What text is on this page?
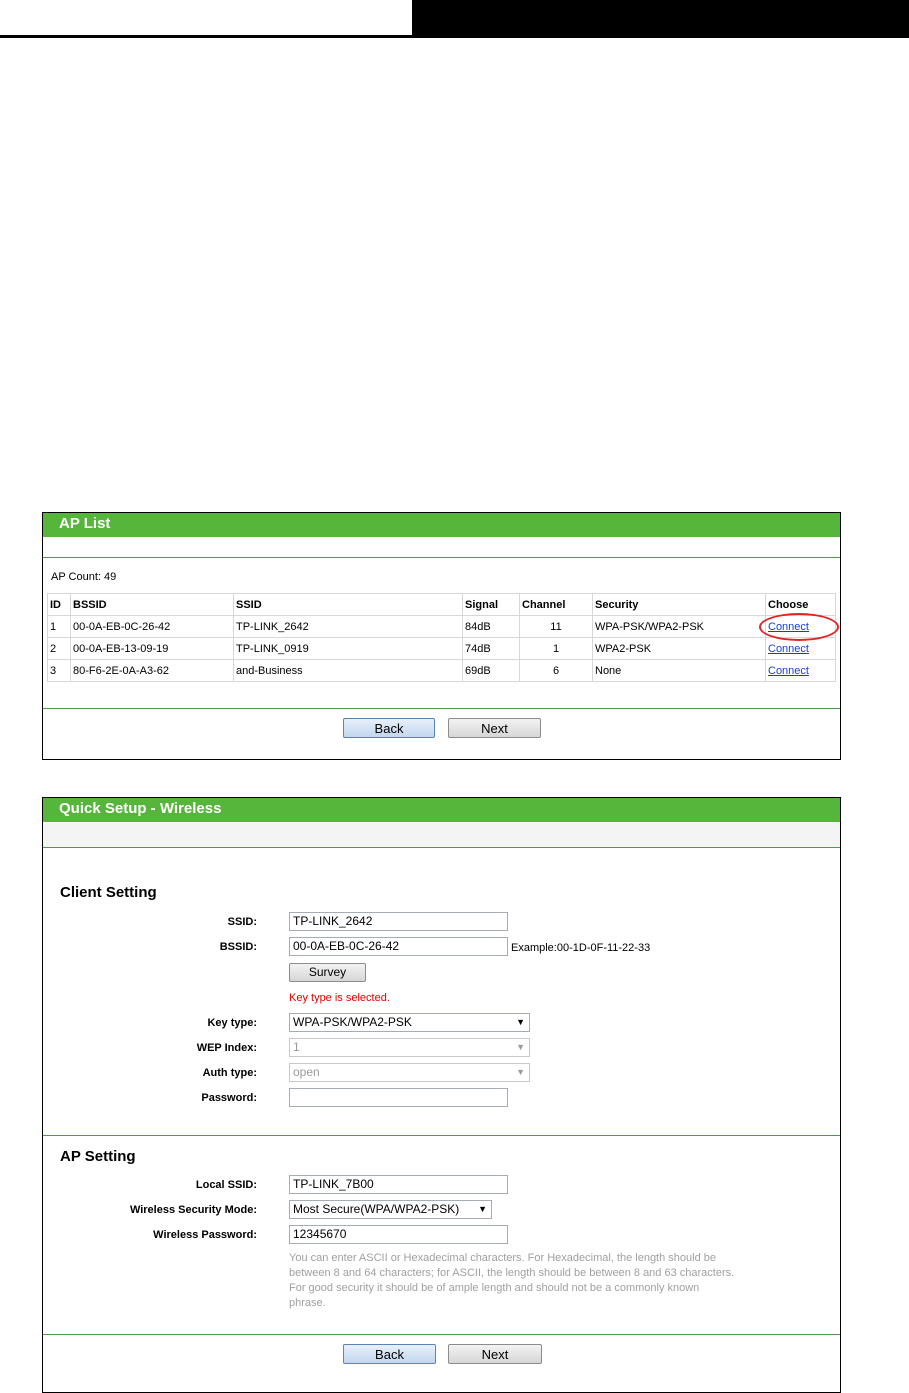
AP List
AP Count: 49
ID	BSSID	SSID	Signal	Channel	Security	Choose
1	00-0A-EB-0C-26-42	TP-LINK_2642	84dB	11	WPA-PSK/WPA2-PSK	Connect
2	00-0A-EB-13-09-19	TP-LINK_0919	74dB	1	WPA2-PSK	Connect
3	80-F6-2E-0A-A3-62	and-Business	69dB	6	None	Connect
Back	Next
Quick Setup - Wireless
Client Setting
SSID:	TP-LINK_2642
BSSID:	00-0A-EB-0C-26-42	Example:00-1D-0F-11-22-33
Survey
Key type is selected.
Key type:	WPA-PSK/WPA2-PSK	▼
WEP Index:	1	▼
Auth type:	open	▼
Password:
AP Setting
Local SSID:	TP-LINK_7B00
Wireless Security Mode:	Most Secure(WPA/WPA2-PSK) ▼
Wireless Password:	12345670
You can enter ASCII or Hexadecimal characters. For Hexadecimal, the length should be between 8 and 64 characters; for ASCII, the length should be between 8 and 63 characters. For good security it should be of ample length and should not be a commonly known phrase.
Back	Next
